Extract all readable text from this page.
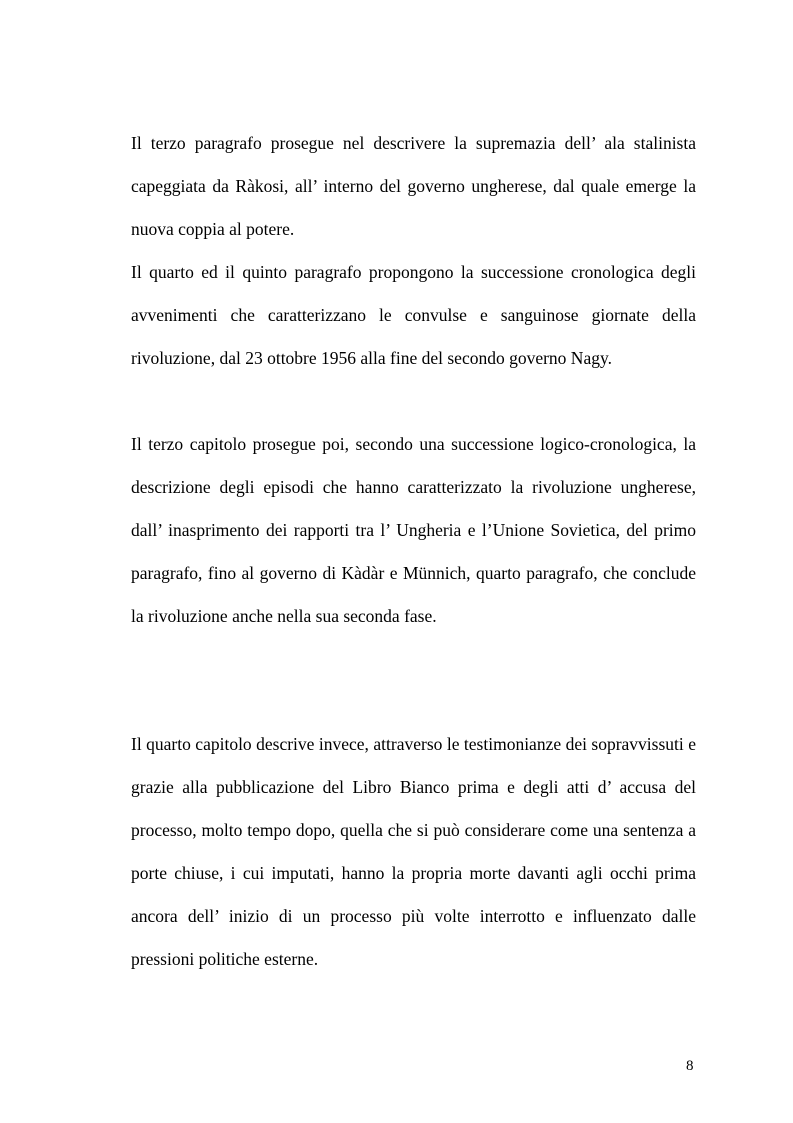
Il terzo paragrafo prosegue nel descrivere la supremazia dell’ ala stalinista capeggiata da Ràkosi, all’ interno del governo ungherese, dal quale emerge la nuova coppia al potere.
Il quarto ed il quinto paragrafo propongono la successione cronologica degli avvenimenti che caratterizzano le convulse e sanguinose giornate della rivoluzione, dal 23 ottobre 1956 alla fine del secondo governo Nagy.

Il terzo capitolo prosegue poi, secondo una successione logico-cronologica, la descrizione degli episodi che hanno caratterizzato la rivoluzione ungherese, dall’ inasprimento dei rapporti tra l’ Ungheria e l’Unione Sovietica, del primo paragrafo, fino al governo di Kàdàr e Münnich, quarto paragrafo, che conclude la rivoluzione anche nella sua seconda fase.

Il quarto capitolo descrive invece, attraverso le testimonianze dei sopravvissuti e grazie alla pubblicazione del Libro Bianco prima e degli atti d’ accusa del processo, molto tempo dopo, quella che si può considerare come una sentenza a porte chiuse, i cui imputati, hanno la propria morte davanti agli occhi prima ancora dell’ inizio di un processo più volte interrotto e influenzato dalle pressioni politiche esterne.

8
